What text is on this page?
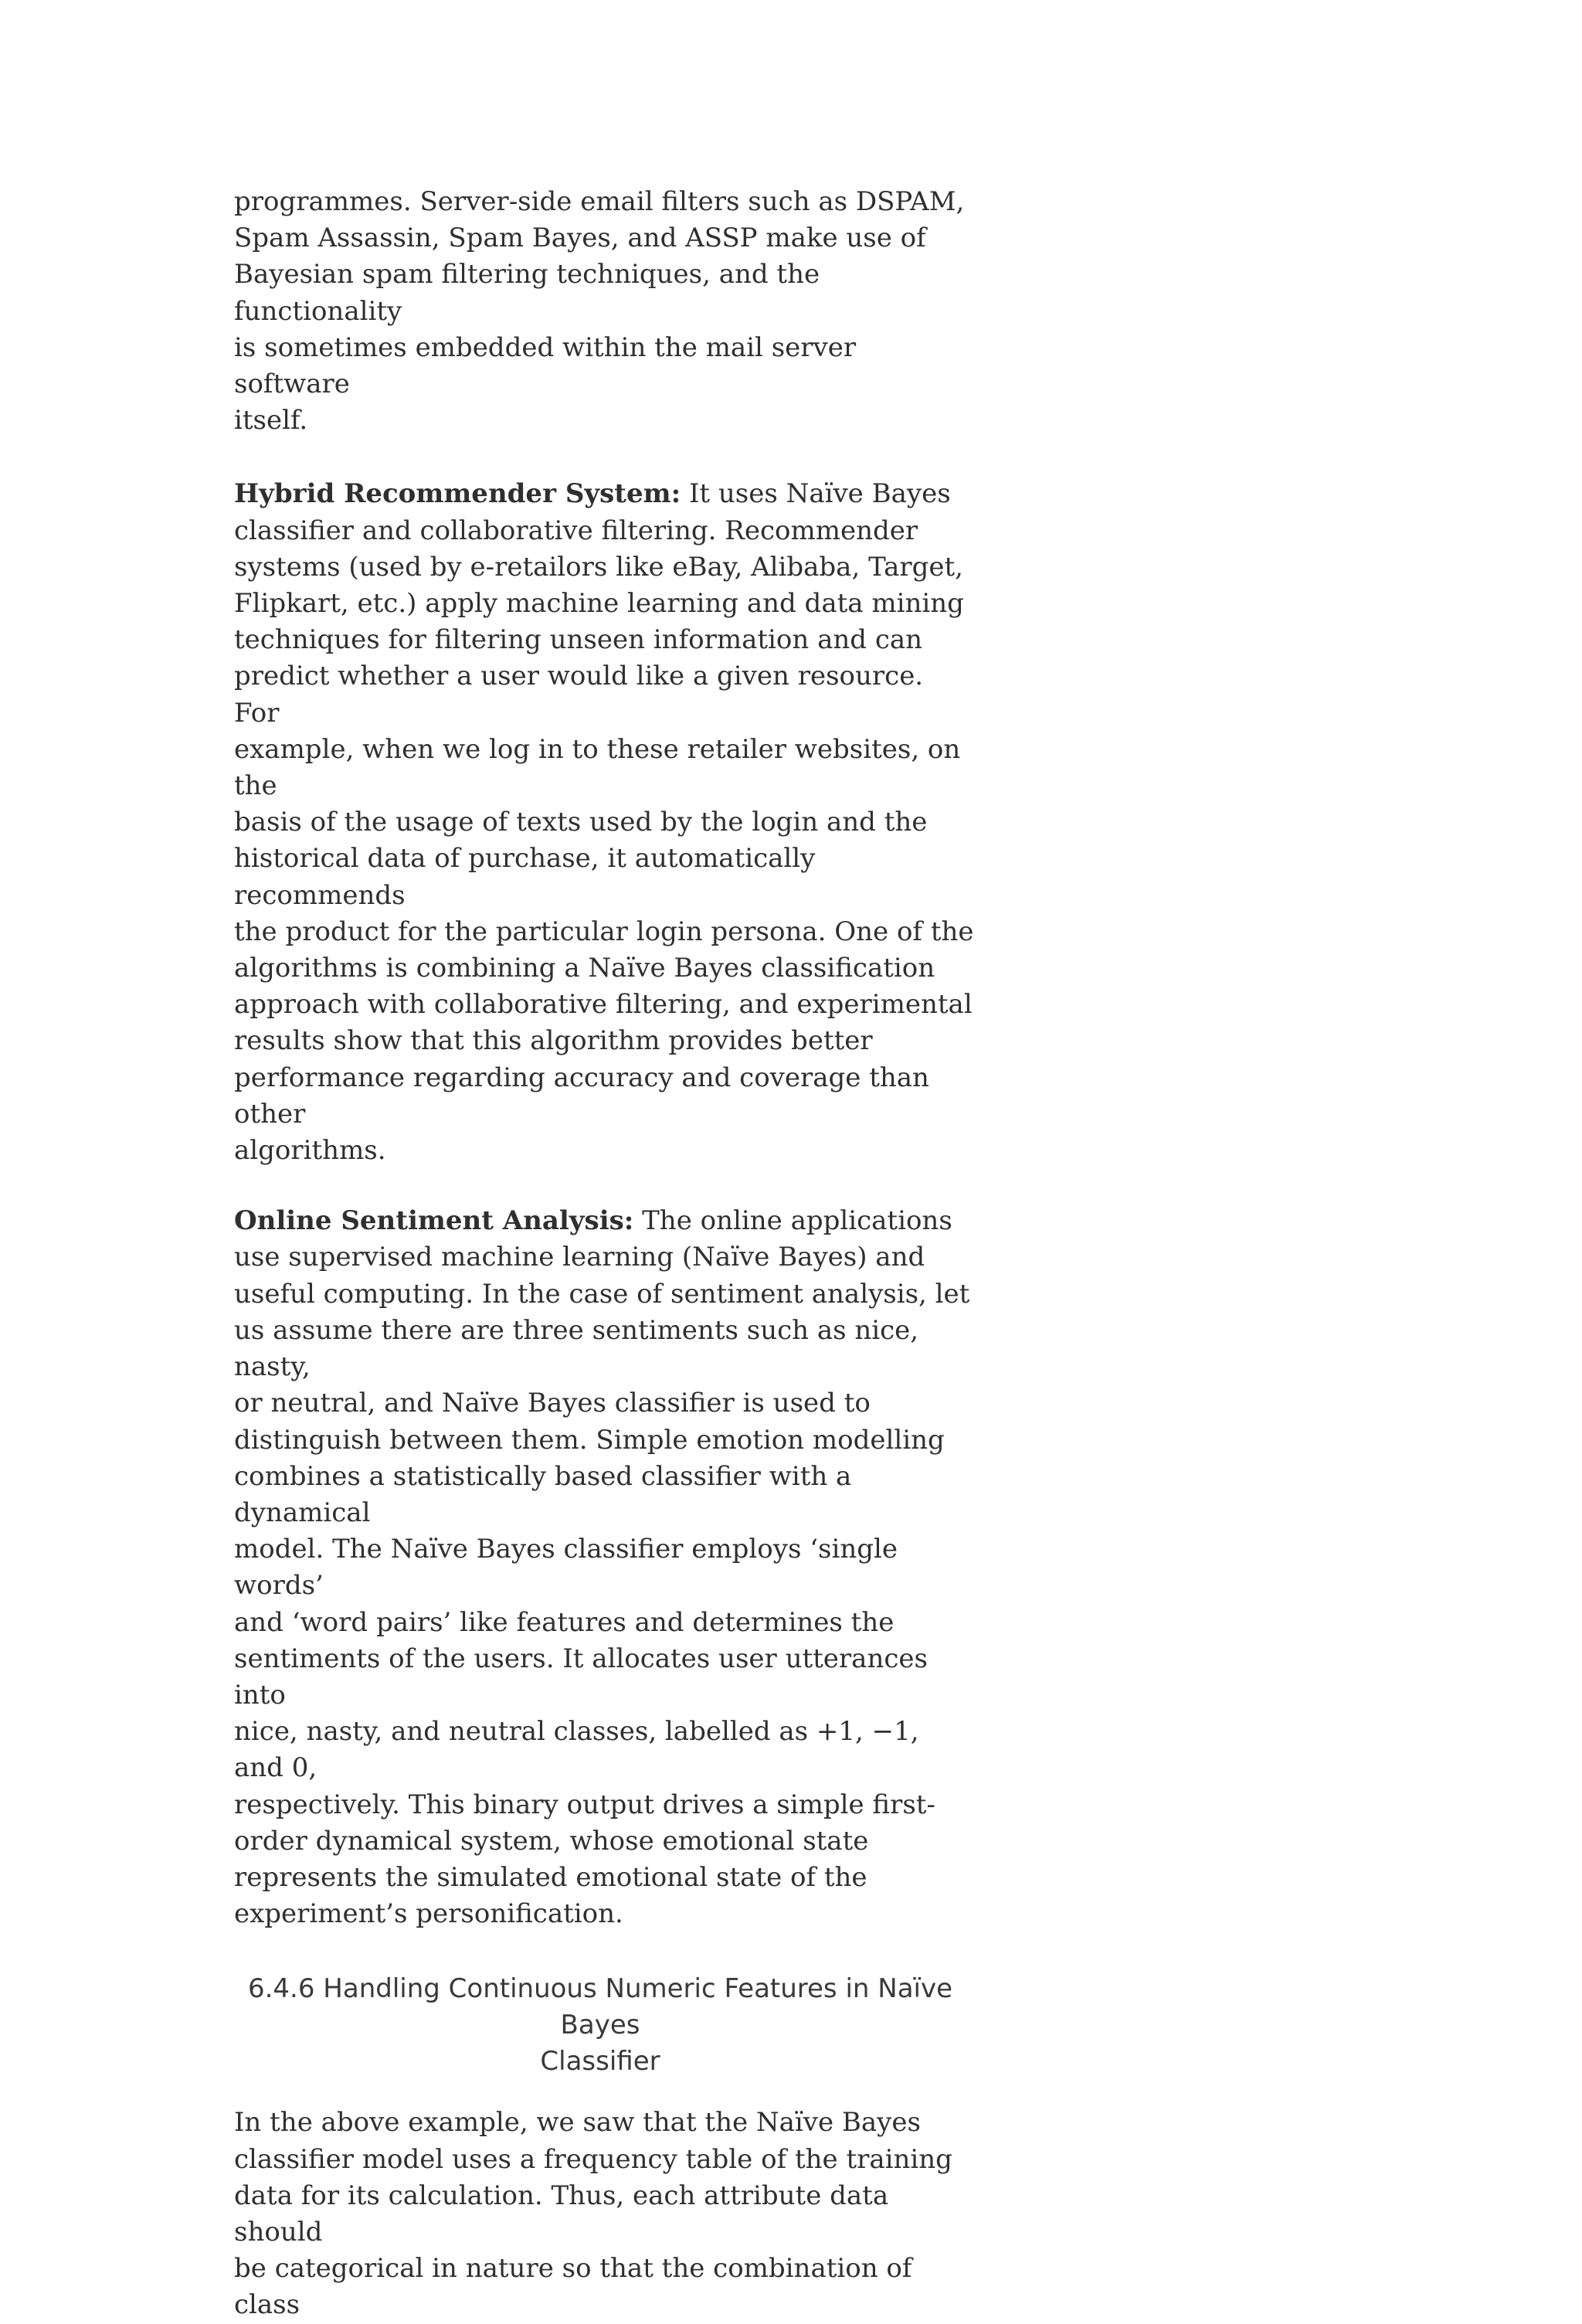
programmes. Server-side email filters such as DSPAM,
Spam Assassin, Spam Bayes, and ASSP make use of
Bayesian spam filtering techniques, and the functionality
is sometimes embedded within the mail server software
itself.

Hybrid Recommender System: It uses Naïve Bayes
classifier and collaborative filtering. Recommender
systems (used by e-retailors like eBay, Alibaba, Target,
Flipkart, etc.) apply machine learning and data mining
techniques for filtering unseen information and can
predict whether a user would like a given resource. For
example, when we log in to these retailer websites, on the
basis of the usage of texts used by the login and the
historical data of purchase, it automatically recommends
the product for the particular login persona. One of the
algorithms is combining a Naïve Bayes classification
approach with collaborative filtering, and experimental
results show that this algorithm provides better
performance regarding accuracy and coverage than other
algorithms.

Online Sentiment Analysis: The online applications
use supervised machine learning (Naïve Bayes) and
useful computing. In the case of sentiment analysis, let
us assume there are three sentiments such as nice, nasty,
or neutral, and Naïve Bayes classifier is used to
distinguish between them. Simple emotion modelling
combines a statistically based classifier with a dynamical
model. The Naïve Bayes classifier employs ‘single words’
and ‘word pairs’ like features and determines the
sentiments of the users. It allocates user utterances into
nice, nasty, and neutral classes, labelled as +1, −1, and 0,
respectively. This binary output drives a simple first-
order dynamical system, whose emotional state
represents the simulated emotional state of the
experiment’s personification.

6.4.6 Handling Continuous Numeric Features in Naïve Bayes
Classifier

In the above example, we saw that the Naïve Bayes
classifier model uses a frequency table of the training
data for its calculation. Thus, each attribute data should
be categorical in nature so that the combination of class
